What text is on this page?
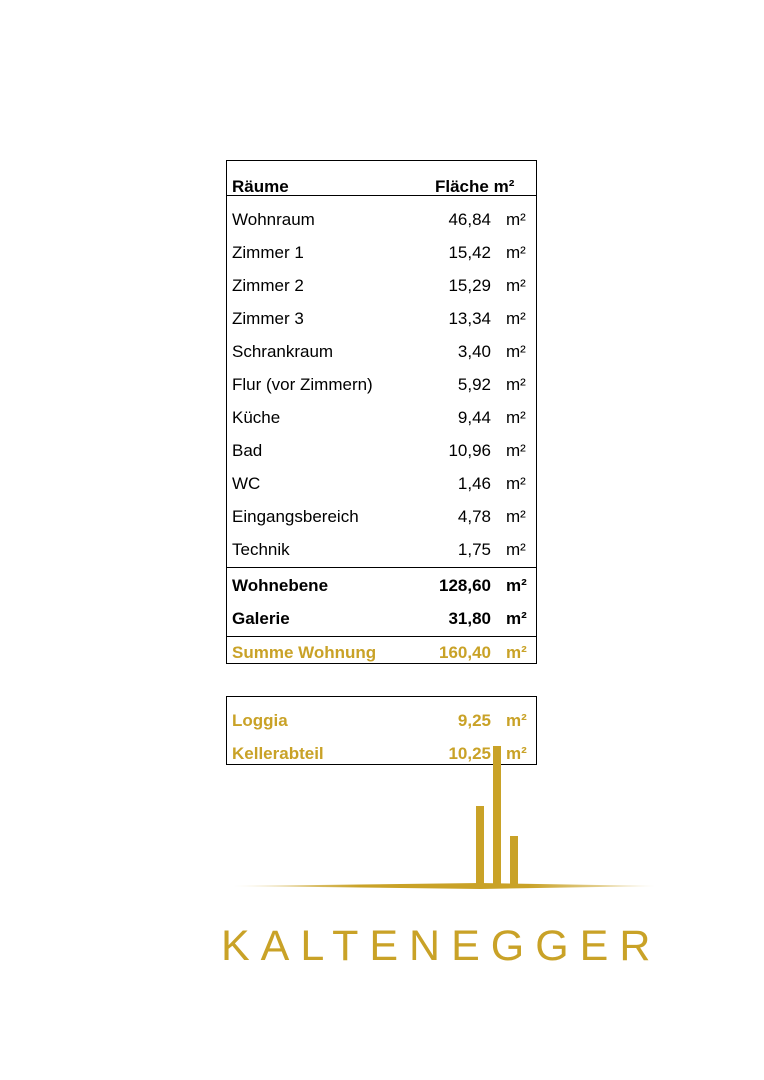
Räume	Fläche m²
Wohnraum	46,84 m²
Zimmer 1	15,42 m²
Zimmer 2	15,29 m²
Zimmer 3	13,34 m²
Schrankraum	3,40 m²
Flur (vor Zimmern)	5,92 m²
Küche	9,44 m²
Bad	10,96 m²
WC	1,46 m²
Eingangsbereich	4,78 m²
Technik	1,75 m²
Wohnebene	128,60 m²
Galerie	31,80 m²
Summe Wohnung	160,40 m²
Loggia	9,25 m²
Kellerabteil	10,25 m²
KALTENEGGER
